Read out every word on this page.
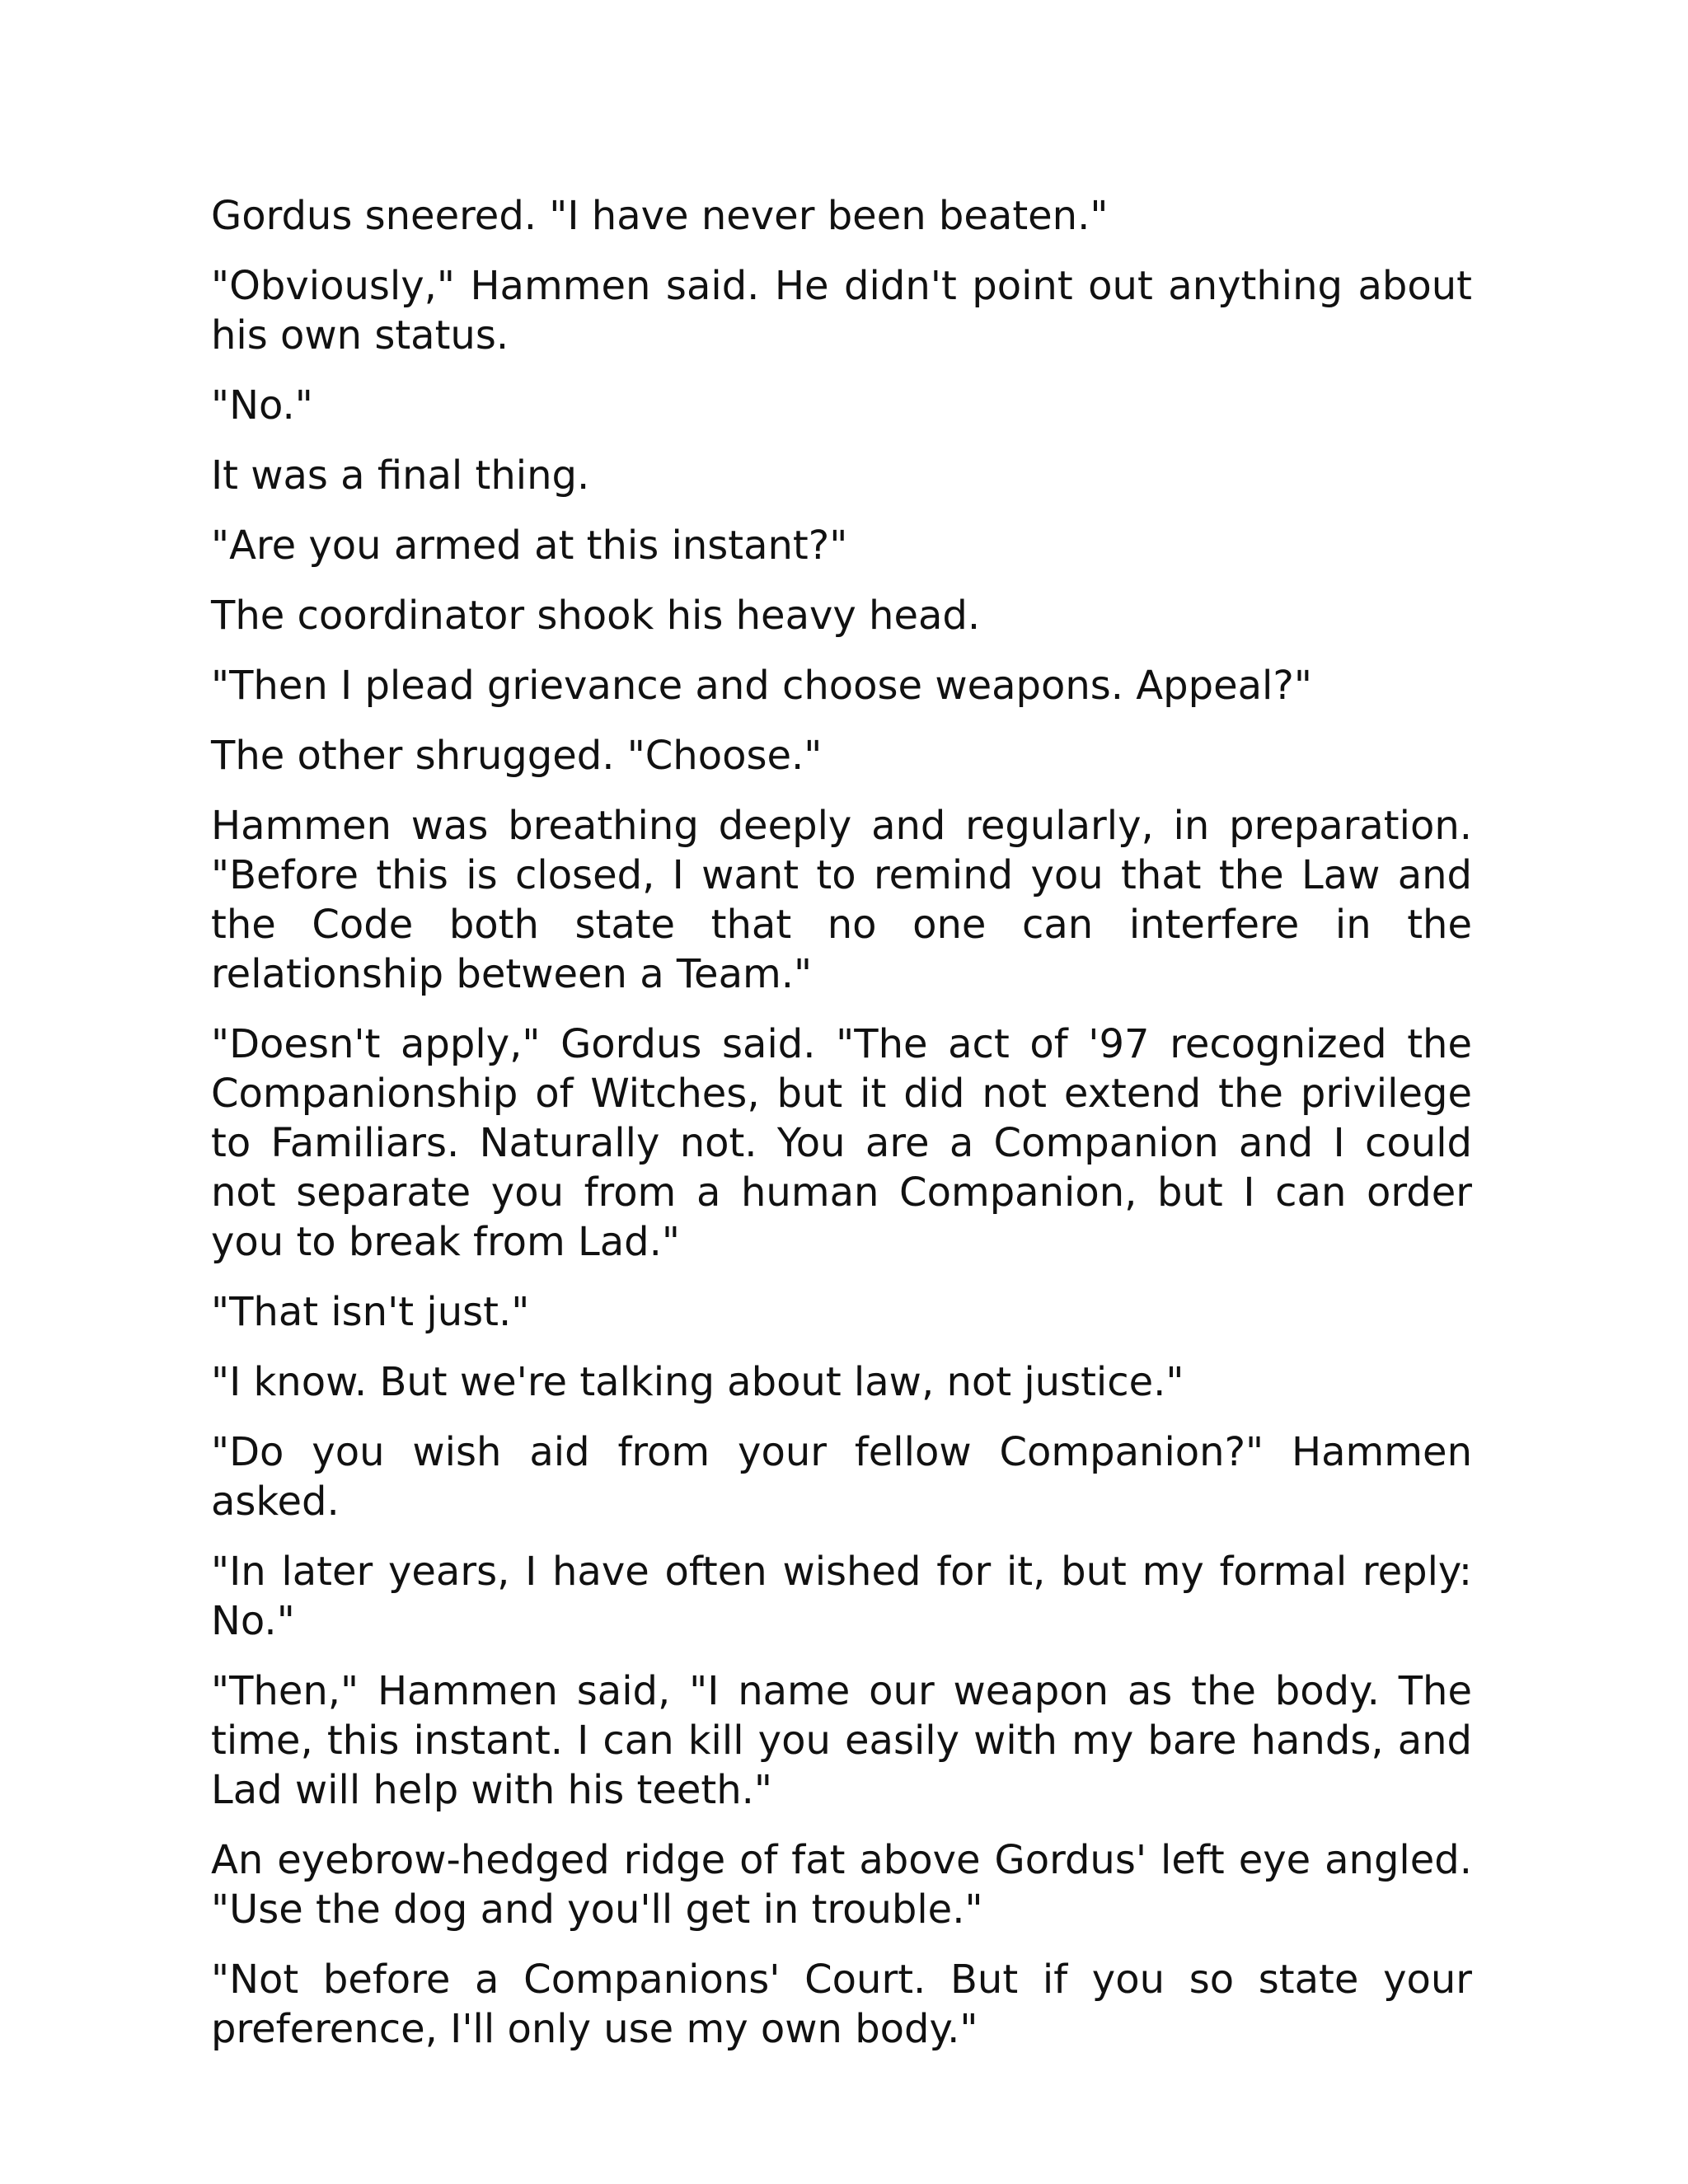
Gordus sneered. "I have never been beaten."

"Obviously," Hammen said. He didn't point out anything about his own status.

"No."

It was a final thing.

"Are you armed at this instant?"

The coordinator shook his heavy head.

"Then I plead grievance and choose weapons. Appeal?"

The other shrugged. "Choose."

Hammen was breathing deeply and regularly, in preparation. "Before this is closed, I want to remind you that the Law and the Code both state that no one can interfere in the relationship between a Team."

"Doesn't apply," Gordus said. "The act of '97 recognized the Companionship of Witches, but it did not extend the privilege to Familiars. Naturally not. You are a Companion and I could not separate you from a human Companion, but I can order you to break from Lad."

"That isn't just."

"I know. But we're talking about law, not justice."

"Do you wish aid from your fellow Companion?" Hammen asked.

"In later years, I have often wished for it, but my formal reply: No."

"Then," Hammen said, "I name our weapon as the body. The time, this instant. I can kill you easily with my bare hands, and Lad will help with his teeth."

An eyebrow-hedged ridge of fat above Gordus' left eye angled. "Use the dog and you'll get in trouble."

"Not before a Companions' Court. But if you so state your preference, I'll only use my own body."
